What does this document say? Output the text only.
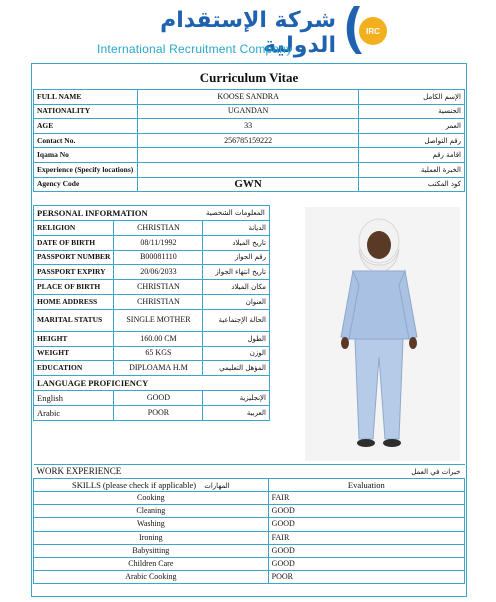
شركة الإستقدام الدولية
International Recruitment Company
IRC
Curriculum Vitae
FULL NAME	KOOSE SANDRA	الإسم الكامل
NATIONALITY	UGANDAN	الجنسية
AGE	33	العمر
Contact No.	256785159222	رقم التواصل
Iqama No		اقامة رقم
Experience (Specify locations)		الخبرة العملية
Agency Code	GWN	كود المكتب
PERSONAL INFORMATION		المعلومات الشخصية
RELIGION	CHRISTIAN	الديانة
DATE OF BIRTH	08/11/1992	تاريخ الميلاد
PASSPORT NUMBER	B00081110	رقم الجواز
PASSPORT EXPIRY	20/06/2033	تاريخ انتهاء الجواز
PLACE OF BIRTH	CHRISTIAN	مكان الميلاد
HOME ADDRESS	CHRISTIAN	العنوان
MARITAL STATUS	SINGLE MOTHER	الحالة الإجتماعية
HEIGHT	160.00 CM	الطول
WEIGHT	65 KGS	الوزن
EDUCATION	DIPLOAMA H.M	المؤهل التعليمي
LANGUAGE PROFICIENCY		
English	GOOD	الإنجليزية
Arabic	POOR	العربية
WORK EXPERIENCE خبرات في العمل	

SKILLS (please check if applicable) المهارات	Evaluation
Cooking	FAIR
Cleaning	GOOD
Washing	GOOD
Ironing	FAIR
Babysitting	GOOD
Children Care	GOOD
Arabic Cooking	POOR
